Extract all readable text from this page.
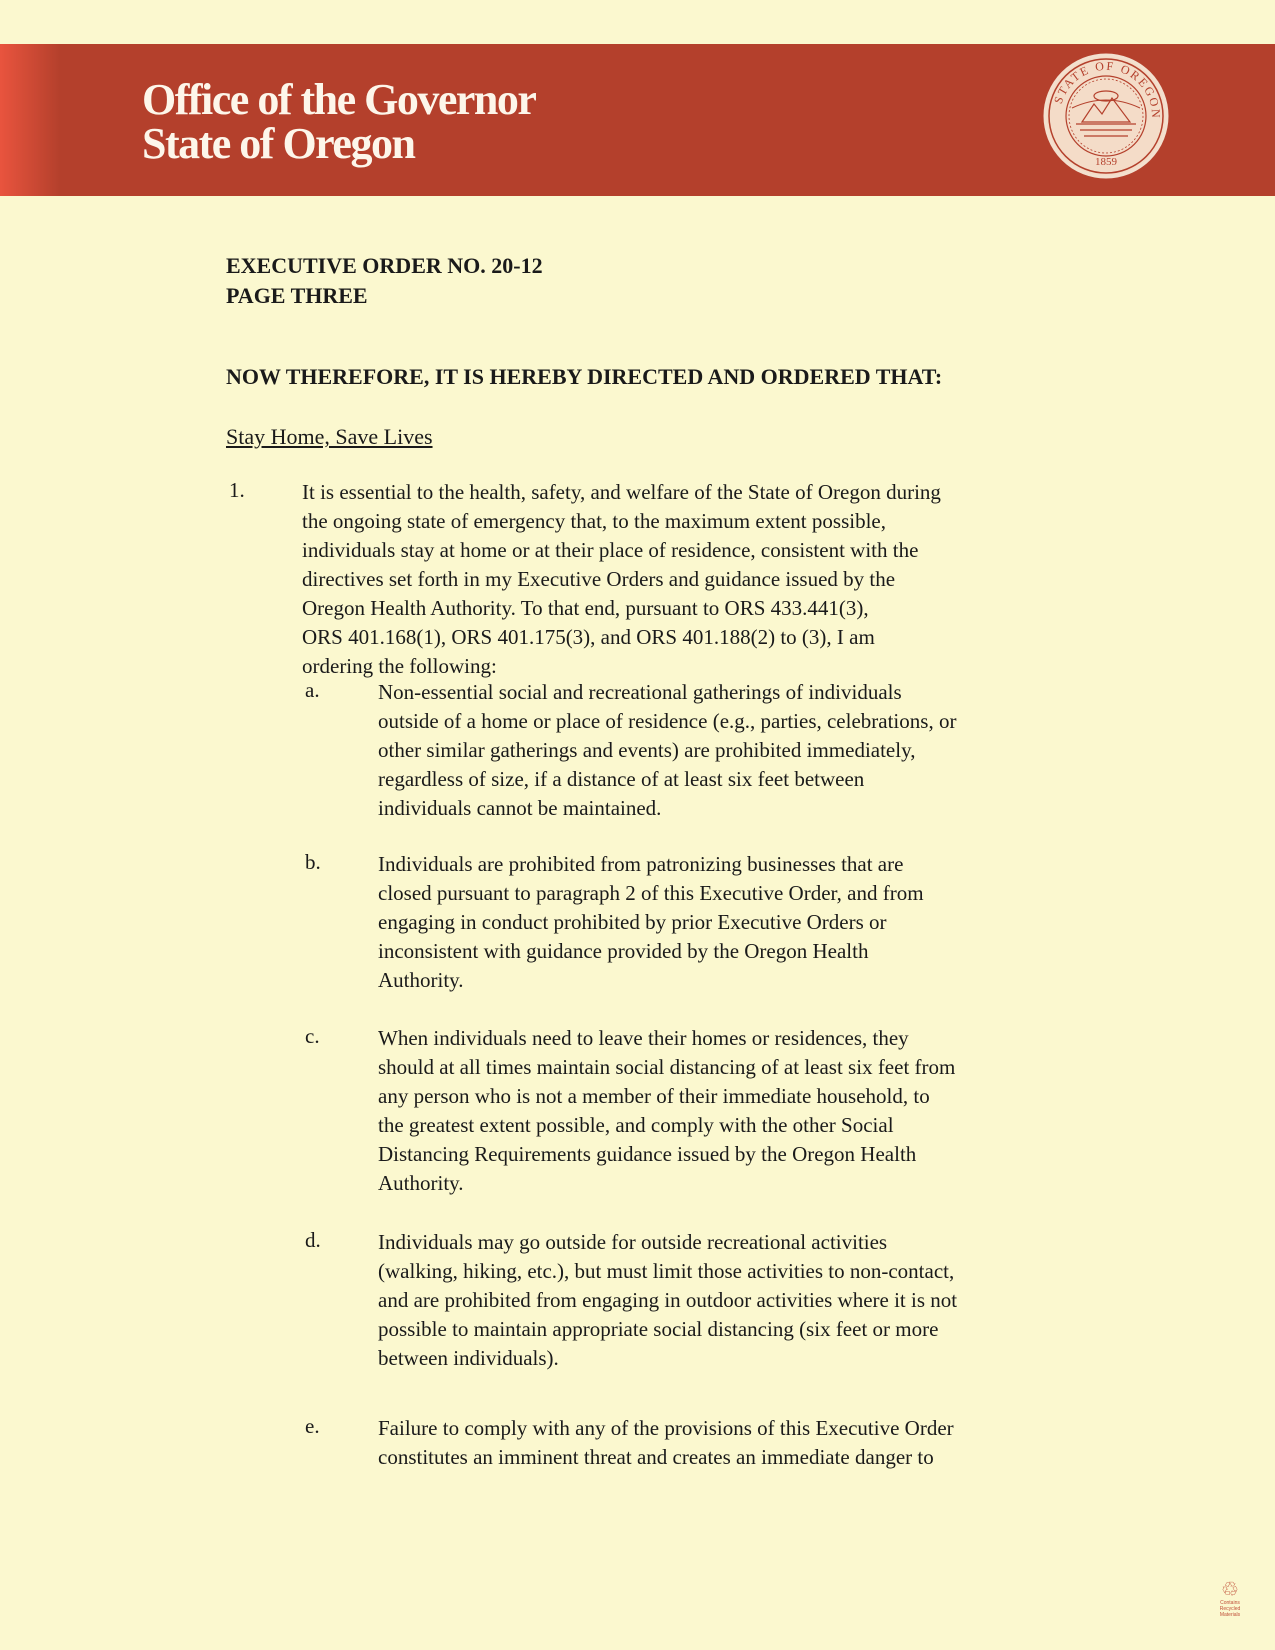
Office of the Governor
State of Oregon
STATE OF OREGON
1859
EXECUTIVE ORDER NO. 20-12
PAGE THREE
NOW THEREFORE, IT IS HEREBY DIRECTED AND ORDERED THAT:
Stay Home, Save Lives
1.	It is essential to the health, safety, and welfare of the State of Oregon during
the ongoing state of emergency that, to the maximum extent possible,
individuals stay at home or at their place of residence, consistent with the
directives set forth in my Executive Orders and guidance issued by the
Oregon Health Authority. To that end, pursuant to ORS 433.441(3),
ORS 401.168(1), ORS 401.175(3), and ORS 401.188(2) to (3), I am
ordering the following:
a.	Non-essential social and recreational gatherings of individuals
outside of a home or place of residence (e.g., parties, celebrations, or
other similar gatherings and events) are prohibited immediately,
regardless of size, if a distance of at least six feet between
individuals cannot be maintained.
b.	Individuals are prohibited from patronizing businesses that are
closed pursuant to paragraph 2 of this Executive Order, and from
engaging in conduct prohibited by prior Executive Orders or
inconsistent with guidance provided by the Oregon Health
Authority.
c.	When individuals need to leave their homes or residences, they
should at all times maintain social distancing of at least six feet from
any person who is not a member of their immediate household, to
the greatest extent possible, and comply with the other Social
Distancing Requirements guidance issued by the Oregon Health
Authority.
d.	Individuals may go outside for outside recreational activities
(walking, hiking, etc.), but must limit those activities to non-contact,
and are prohibited from engaging in outdoor activities where it is not
possible to maintain appropriate social distancing (six feet or more
between individuals).
e.	Failure to comply with any of the provisions of this Executive Order
constitutes an imminent threat and creates an immediate danger to
♲
Contains Recycled Materials
